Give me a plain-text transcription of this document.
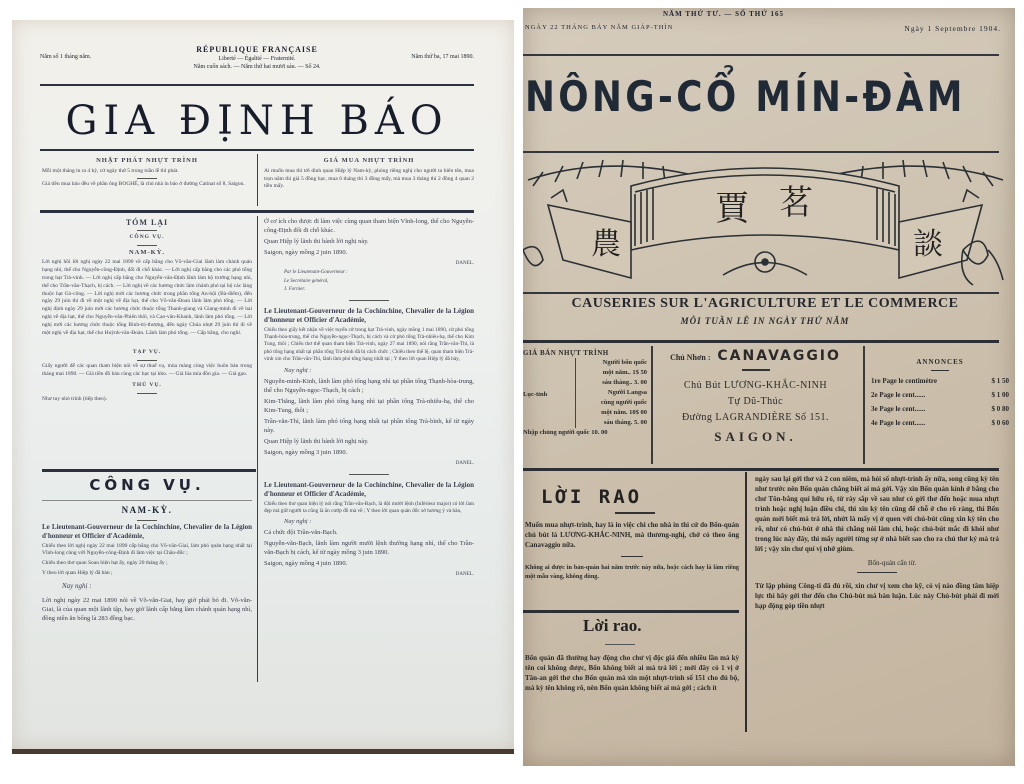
Năm sổ 1 tháng năm.
RÉPUBLIQUE FRANÇAISE
Liberté — Égalité — Fraternité.
Năm cuốn sách. — Năm thứ hai mươi sáu. — Số 24.
Năm thứ ba, 17 mai 1890.
GIA ĐỊNH BÁO
NHẬT PHÁT NHỰT TRÌNH

Mỗi một tháng in ra 4 kỳ, cứ ngày thứ 5 trong tuần lễ thì phát.

Giá tiền mua báo đều về phần ông BOGHÉ, là chủ nhà in báo ở đường Catinat số 8, Saigon.

GIÁ MUA NHỰT TRÌNH

Ai muốn mua thì tới dinh quan Hiệp lý Nam-kỳ, phòng riêng nghị cho người ta biên tên, mua trọn năm thì giá 5 đồng bạc, mua 6 tháng thì 3 đồng mấy, mà mua 3 tháng thì 2 đồng 4 quan 2 tiền mấy.

TÓM LẠI
CÔNG VỤ.
NAM-KỲ.

Lời nghị hồi lời nghị ngày 22 mai 1890 về cấp bằng cho Võ-văn-Giai lãnh làm chánh quản hạng nhì, thế cho Nguyễn-công-Định, đổi đi chỗ khác. — Lời nghị cấp bằng cho các phó tổng trong hạt Trà-vinh. — Lời nghị cấp bằng cho Nguyễn-văn-Định lãnh làm hộ trưởng hạng nhì, thế cho Trần-văn-Thạch, bị cách. — Lời nghị về các hương chức làm chánh phó tại hộ các làng thuộc hạt Gò-công. — Lời nghị mời các hương chức trong phần tổng An-hội (Bà-điểm), đến ngày 29 juin thì đi về một nghị về địa hạt, thế cho Võ-văn-Đoan lãnh làm phó tổng. — Lời nghị định ngày 29 juin mời các hương chức thuộc tổng Thanh-giang và Giang-minh đi về hai nghị về địa hạt, thế cho Nguyễn-văn-Phiên thôi, và Cao-văn-Khanh, lãnh làm phó tổng. — Lời nghị mời các hương chức thuộc tổng Bình-trị-thượng, đến ngày Chúa nhựt 29 juin thì đi về một nghị về địa hạt, thế cho Huỳnh-văn-Đoàn. Lãnh làm phó tổng. — Cấp bằng, cho nghỉ.

TẠP VỤ.

Giấy người để các quan tham biện nói về sự thuế vụ, mùa màng cùng việc buôn bán trong tháng mai 1890. — Giá tiền đồ bán cùng các bạc tại kho. — Giá lúa mía đồn gia. — Giá gạo.

THỦ VỤ.

Như tuy nhỏ trình (tiếp theo).

CÔNG VỤ.
NAM-KỲ.

Le Lieutenant-Gouverneur de la Cochinchine, Chevalier de la Légion d'honneur et Officier d'Académie,

Chiếu theo lời nghị ngày 22 mai 1890 cấp bằng cho Võ-văn-Giai, làm phó quản hạng nhất tại Vĩnh-long cùng với Nguyễn-công-Định đi làm việc tại Châu-đốc ;

Chiếu theo thơ quan Soan biện hạt ấy, ngày 20 tháng ấy ;

Y theo lời quan Hiệp lý đã bàn ;

Nay nghị :

Lời nghị ngày 22 mai 1890 nói về Võ-văn-Giai, hay giờ phải bỏ đi. Võ-văn-Giai, là của quan một lãnh tập, hay giờ lãnh cấp bằng làm chánh quản hạng nhì, đồng niên ăn bổng là 283 đồng bạc.

Ở cơ ích cho được đi làm việc cùng quan tham biện Vĩnh-long, thế cho Nguyễn-công-Định đổi đi chỗ khác.

Quan Hiệp lý lãnh thi hành lời nghị này.

Saigon, ngày mồng 2 juin 1890.

DANEL.

Par le Lieutenant-Gouverneur :

Le Secrétaire général,

J. Fornier.

Le Lieutenant-Gouverneur de la Cochinchine, Chevalier de la Légion d'honneur et Officier d'Académie,

Chiếu theo giấy kết nhận về việc tuyển cử trong hạt Trà-vinh, ngày mồng 1 mai 1890, cử phó tổng Thạnh-hòa-trung, thế cho Nguyễn-ngọc-Thạch, bị cách và cử phó tổng Trà-nhiêu-hạ, thế cho Kim Tung, thôi ; Chiếu thơ thể quan tham biện Trà-vinh, ngày 27 mai 1890, nói rằng Trần-văn-Thì, là phó tổng hạng nhất tại phần tổng Trà-bình đã bị cách chức ; Chiếu theo thể lệ, quan tham biện Trà-vinh xin cho Trần-văn-Thì, lãnh làm phó tổng hạng nhất tại ; Y theo lời quan Hiệp lý đã bày,

Nay nghị :

Nguyễn-minh-Kinh, lãnh làm phó tổng hạng nhì tại phần tổng Thạnh-hòa-trung, thế cho Nguyễn-ngọc-Thạch, bị cách ;

Kim-Thăng, lãnh làm phó tổng hạng nhì tại phần tổng Trà-nhiêu-hạ, thế cho Kim-Tung, thôi ;

Trần-văn-Thì, lãnh làm phó tổng hạng nhất tại phần tổng Trà-bình, kể từ ngày này.

Quan Hiệp lý lãnh thi hành lời nghị này.

Saigon, ngày mồng 3 juin 1890.

DANEL.

Le Lieutenant-Gouverneur de la Cochinchine, Chevalier de la Légion d'honneur et Officier d'Académie,

Chiếu theo thơ quan biện lý nói rằng Trần-văn-Bạch, là đội mười lệnh (Inférieur major) có lời làm đẹp mà giữ người ta cũng là ăn cướp đồ mà về ; Y theo lời quan quản đốc sở hương ý và bàn,

Nay nghị :

Cả chức đội Trần-văn-Bạch.

Nguyễn-văn-Bạch, lãnh làm người mười lệnh thường hạng nhì, thế cho Trần-văn-Bạch bị cách, kể từ ngày mồng 3 juin 1890.

Saigon, ngày mồng 4 juin 1890.

DANEL.

NĂM THỨ TƯ. — SỐ THỨ 165
NGÀY 22 THÁNG BẢY NĂM GIÁP-THÌN	Ngày 1 Septembre 1904.
NÔNG-CỔ MÍN-ĐÀM
農
賈 茗
談
CAUSERIES SUR L'AGRICULTURE ET LE COMMERCE
MỖI TUẦN LỄ IN NGÀY THỨ NĂM
GIÁ BÁN NHỰT TRÌNH
Lục-tỉnh
Người bổn quốc
một năm.. 1$ 50
sáu tháng.. 3. 00
Người Langsa
cùng người quốc
một năm. 10$ 00
sáu tháng. 5. 00
Nhập chủng người quốc 10. 00
Chủ Nhơn : CANAVAGGIO
Chủ Bút LƯƠNG-KHẮC-NINH
Tự Dũ-Thúc
Đường LAGRANDIÈRE Số 151.
SAIGON.
ANNONCES
1re Page le centimètre	$ 1 50
2e Page le cent......	$ 1 00
3e Page le cent......	$ 0 80
4e Page le cent......	$ 0 60
LỜI RAO

Muốn mua nhựt-trình, hay là in việc chi cho nhà in thì cứ do Bổn-quán chủ bút là LƯƠNG-KHẮC-NINH, mà thương-nghị, chớ có theo ông Canavaggio nữa.

Không ai được in bản-quán hai năm trước này nữa, hoặc cách hay là làm riêng một mẫu vàng, không dùng.

Lời rao.

Bổn quán đã thường hay động cho chư vị độc giả đến nhiều lần mà kỳ tên coi không được, Bổn không biết ai mà trả lời ; mới đây có 1 vị ở Tân-an gởi thơ cho Bổn quán mà xin một nhựt-trình số 151 cho đủ bộ, mà kỳ tên không rõ, nên Bổn quán không biết ai mà gởi ; cách ít

ngày sau lại gởi thơ và 2 con niêm, mà hỏi số nhựt-trình ấy nữa, song cũng kỳ tên như trước nên Bổn quán chẳng biết ai mà gởi. Vậy xin Bổn quán kính ở bằng cho chư Tôn-bằng quí hữu rõ, từ rày sắp về sau như có gởi thơ đến hoặc mua nhựt trình hoặc nghị luận điều chi, thì xin kỳ tên cũng để chỗ ở cho rõ ràng, thì Bổn quán mới biết mà trả lời, nhứt là mấy vị ở quen với chủ-bút cũng xin kỳ tên cho rõ, như có chủ-bút ở nhà thì chẳng nói làm chi, hoặc chủ-bút mắc đi khỏi như trong lúc này đây, thì mấy người từng sự ở nhà biết sao cho ra chủ thơ ký mà trả lời ; vậy xin chư quí vị nhớ giùm.

Bổn-quán cẩn từ.

Từ lập phòng Công-ti đã đủ rồi, xin chư vị xem cho kỹ, có vị nào đồng tâm hiệp lực thì hãy gởi thơ đến cho Chủ-bút mà bàn luận. Lúc này Chủ-bút phải đi mời hạp động góp tiền nhựt
